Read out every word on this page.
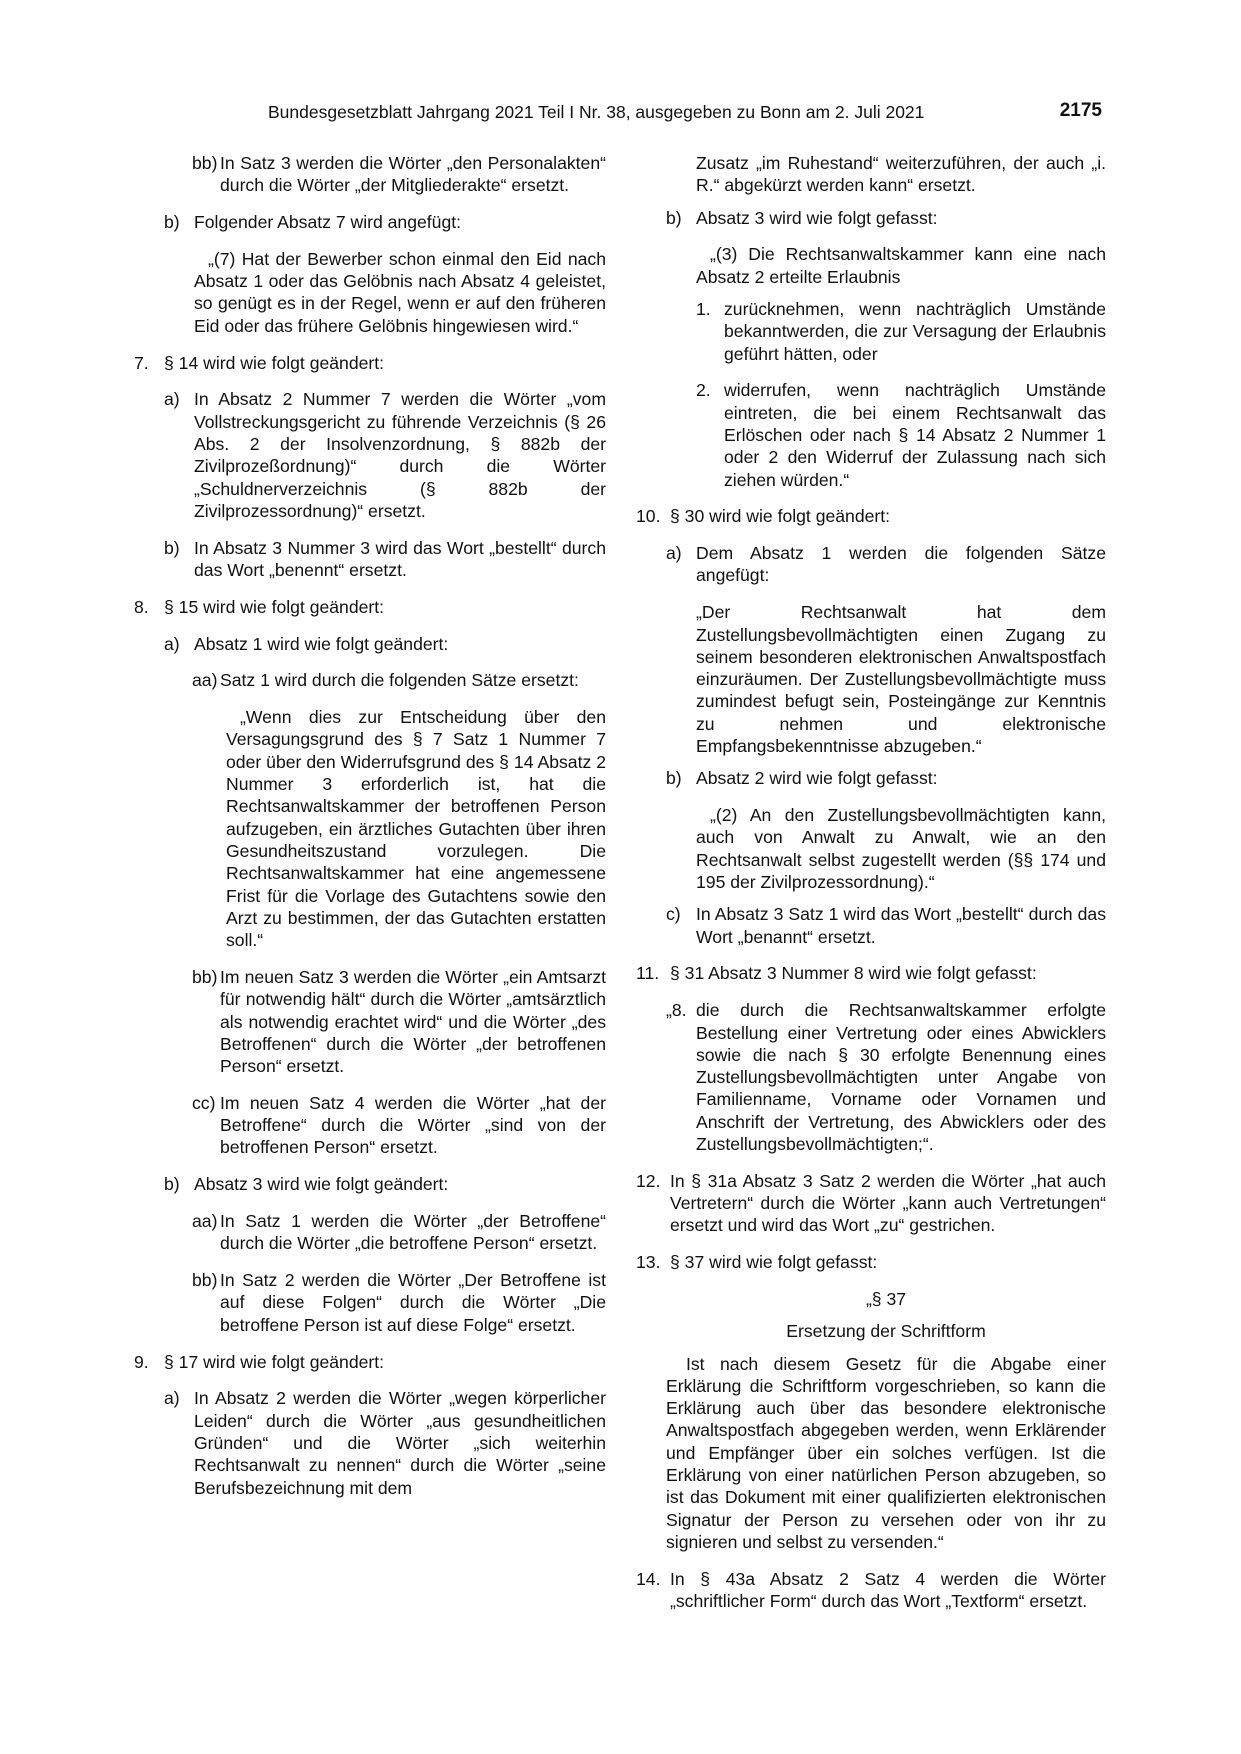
Bundesgesetzblatt Jahrgang 2021 Teil I Nr. 38, ausgegeben zu Bonn am 2. Juli 2021	2175
bb) In Satz 3 werden die Wörter „den Personalakten“ durch die Wörter „der Mitgliederakte“ ersetzt.
b) Folgender Absatz 7 wird angefügt:
„(7) Hat der Bewerber schon einmal den Eid nach Absatz 1 oder das Gelöbnis nach Absatz 4 geleistet, so genügt es in der Regel, wenn er auf den früheren Eid oder das frühere Gelöbnis hingewiesen wird.“
7. § 14 wird wie folgt geändert:
a) In Absatz 2 Nummer 7 werden die Wörter „vom Vollstreckungsgericht zu führende Verzeichnis (§ 26 Abs. 2 der Insolvenzordnung, § 882b der Zivilprozeßordnung)“ durch die Wörter „Schuldnerverzeichnis (§ 882b der Zivilprozessordnung)“ ersetzt.
b) In Absatz 3 Nummer 3 wird das Wort „bestellt“ durch das Wort „benennt“ ersetzt.
8. § 15 wird wie folgt geändert:
a) Absatz 1 wird wie folgt geändert:
aa) Satz 1 wird durch die folgenden Sätze ersetzt:
„Wenn dies zur Entscheidung über den Versagungsgrund des § 7 Satz 1 Nummer 7 oder über den Widerrufsgrund des § 14 Absatz 2 Nummer 3 erforderlich ist, hat die Rechtsanwaltskammer der betroffenen Person aufzugeben, ein ärztliches Gutachten über ihren Gesundheitszustand vorzulegen. Die Rechtsanwaltskammer hat eine angemessene Frist für die Vorlage des Gutachtens sowie den Arzt zu bestimmen, der das Gutachten erstatten soll.“
bb) Im neuen Satz 3 werden die Wörter „ein Amtsarzt für notwendig hält“ durch die Wörter „amtsärztlich als notwendig erachtet wird“ und die Wörter „des Betroffenen“ durch die Wörter „der betroffenen Person“ ersetzt.
cc) Im neuen Satz 4 werden die Wörter „hat der Betroffene“ durch die Wörter „sind von der betroffenen Person“ ersetzt.
b) Absatz 3 wird wie folgt geändert:
aa) In Satz 1 werden die Wörter „der Betroffene“ durch die Wörter „die betroffene Person“ ersetzt.
bb) In Satz 2 werden die Wörter „Der Betroffene ist auf diese Folgen“ durch die Wörter „Die betroffene Person ist auf diese Folge“ ersetzt.
9. § 17 wird wie folgt geändert:
a) In Absatz 2 werden die Wörter „wegen körperlicher Leiden“ durch die Wörter „aus gesundheitlichen Gründen“ und die Wörter „sich weiterhin Rechtsanwalt zu nennen“ durch die Wörter „seine Berufsbezeichnung mit dem
Zusatz „im Ruhestand“ weiterzuführen, der auch „i. R.“ abgekürzt werden kann“ ersetzt.
b) Absatz 3 wird wie folgt gefasst:
„(3) Die Rechtsanwaltskammer kann eine nach Absatz 2 erteilte Erlaubnis
1. zurücknehmen, wenn nachträglich Umstände bekanntwerden, die zur Versagung der Erlaubnis geführt hätten, oder
2. widerrufen, wenn nachträglich Umstände eintreten, die bei einem Rechtsanwalt das Erlöschen oder nach § 14 Absatz 2 Nummer 1 oder 2 den Widerruf der Zulassung nach sich ziehen würden.“
10. § 30 wird wie folgt geändert:
a) Dem Absatz 1 werden die folgenden Sätze angefügt:
„Der Rechtsanwalt hat dem Zustellungsbevollmächtigten einen Zugang zu seinem besonderen elektronischen Anwaltspostfach einzuräumen. Der Zustellungsbevollmächtigte muss zumindest befugt sein, Posteingänge zur Kenntnis zu nehmen und elektronische Empfangsbekenntnisse abzugeben.“
b) Absatz 2 wird wie folgt gefasst:
„(2) An den Zustellungsbevollmächtigten kann, auch von Anwalt zu Anwalt, wie an den Rechtsanwalt selbst zugestellt werden (§§ 174 und 195 der Zivilprozessordnung).“
c) In Absatz 3 Satz 1 wird das Wort „bestellt“ durch das Wort „benannt“ ersetzt.
11. § 31 Absatz 3 Nummer 8 wird wie folgt gefasst:
„8. die durch die Rechtsanwaltskammer erfolgte Bestellung einer Vertretung oder eines Abwicklers sowie die nach § 30 erfolgte Benennung eines Zustellungsbevollmächtigten unter Angabe von Familienname, Vorname oder Vornamen und Anschrift der Vertretung, des Abwicklers oder des Zustellungsbevollmächtigten;“.
12. In § 31a Absatz 3 Satz 2 werden die Wörter „hat auch Vertretern“ durch die Wörter „kann auch Vertretungen“ ersetzt und wird das Wort „zu“ gestrichen.
13. § 37 wird wie folgt gefasst:
„§ 37
Ersetzung der Schriftform
Ist nach diesem Gesetz für die Abgabe einer Erklärung die Schriftform vorgeschrieben, so kann die Erklärung auch über das besondere elektronische Anwaltspostfach abgegeben werden, wenn Erklärender und Empfänger über ein solches verfügen. Ist die Erklärung von einer natürlichen Person abzugeben, so ist das Dokument mit einer qualifizierten elektronischen Signatur der Person zu versehen oder von ihr zu signieren und selbst zu versenden.“
14. In § 43a Absatz 2 Satz 4 werden die Wörter „schriftlicher Form“ durch das Wort „Textform“ ersetzt.
